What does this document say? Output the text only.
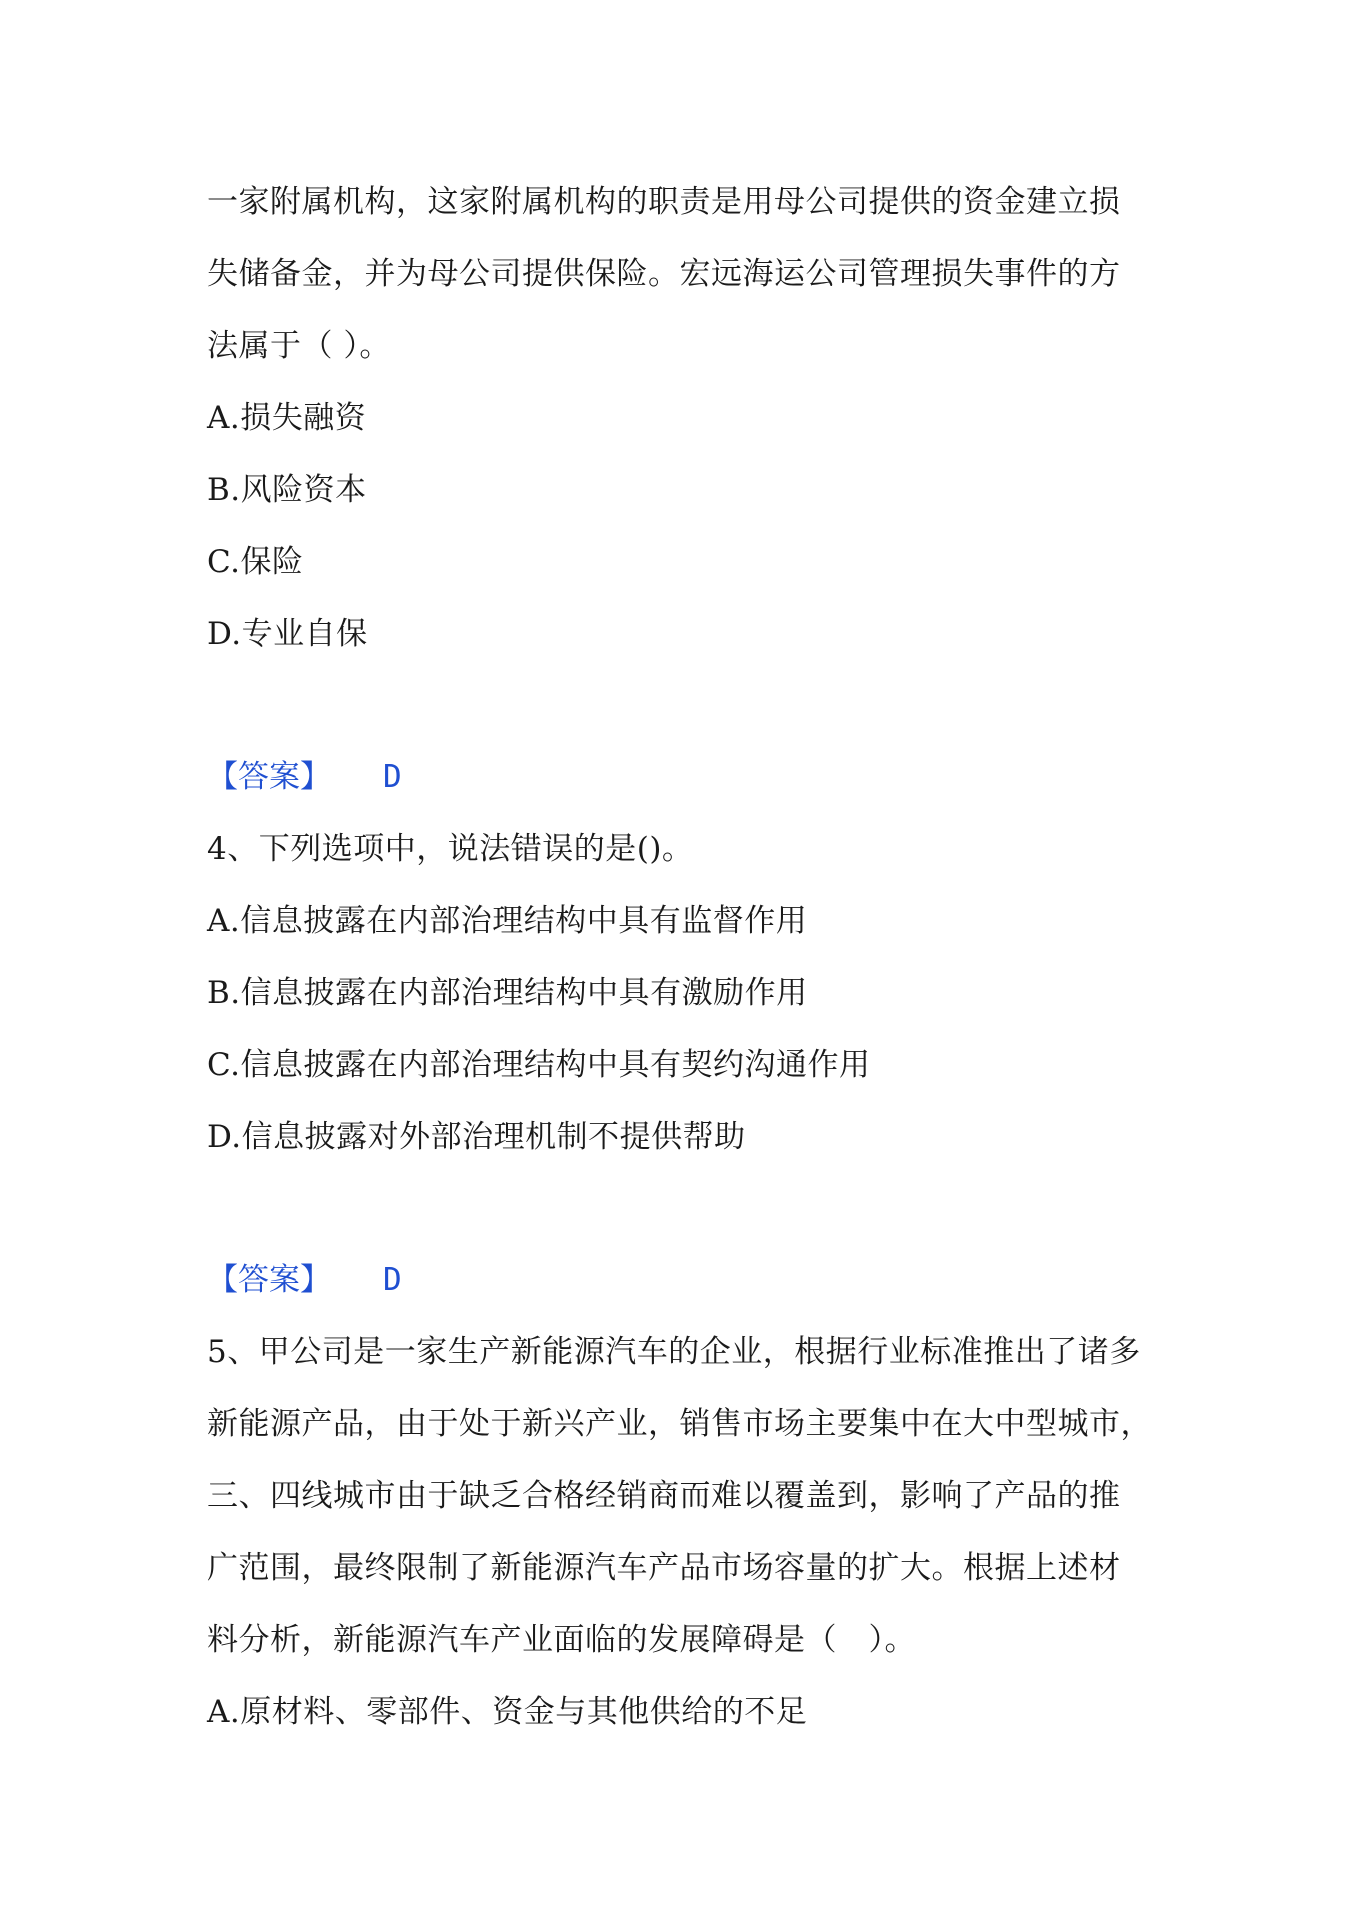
一家附属机构，这家附属机构的职责是用母公司提供的资金建立损
失储备金，并为母公司提供保险。宏远海运公司管理损失事件的方
法属于（ ）。
A.损失融资
B.风险资本
C.保险
D.专业自保
【答案】 D
4、下列选项中，说法错误的是()。
A.信息披露在内部治理结构中具有监督作用
B.信息披露在内部治理结构中具有激励作用
C.信息披露在内部治理结构中具有契约沟通作用
D.信息披露对外部治理机制不提供帮助
【答案】 D
5、甲公司是一家生产新能源汽车的企业，根据行业标准推出了诸多
新能源产品，由于处于新兴产业，销售市场主要集中在大中型城市，
三、四线城市由于缺乏合格经销商而难以覆盖到，影响了产品的推
广范围，最终限制了新能源汽车产品市场容量的扩大。根据上述材
料分析，新能源汽车产业面临的发展障碍是（　）。
A.原材料、零部件、资金与其他供给的不足
